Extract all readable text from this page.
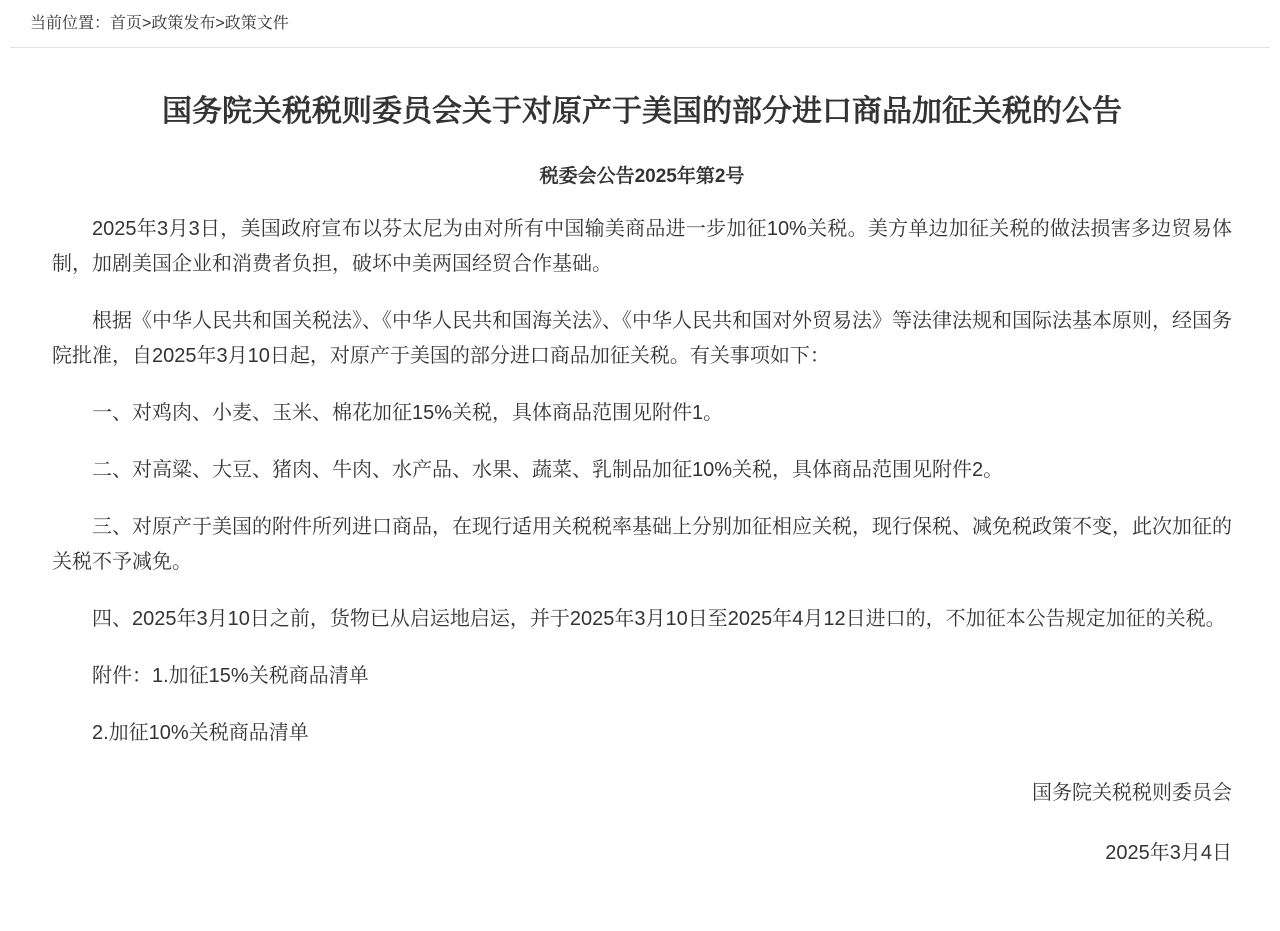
当前位置：首页>政策发布>政策文件
国务院关税税则委员会关于对原产于美国的部分进口商品加征关税的公告
税委会公告2025年第2号

2025年3月3日，美国政府宣布以芬太尼为由对所有中国输美商品进一步加征10%关税。美方单边加征关税的做法损害多边贸易体制，加剧美国企业和消费者负担，破坏中美两国经贸合作基础。

根据《中华人民共和国关税法》、《中华人民共和国海关法》、《中华人民共和国对外贸易法》等法律法规和国际法基本原则，经国务院批准，自2025年3月10日起，对原产于美国的部分进口商品加征关税。有关事项如下：

一、对鸡肉、小麦、玉米、棉花加征15%关税，具体商品范围见附件1。

二、对高粱、大豆、猪肉、牛肉、水产品、水果、蔬菜、乳制品加征10%关税，具体商品范围见附件2。

三、对原产于美国的附件所列进口商品，在现行适用关税税率基础上分别加征相应关税，现行保税、减免税政策不变，此次加征的关税不予减免。

四、2025年3月10日之前，货物已从启运地启运，并于2025年3月10日至2025年4月12日进口的，不加征本公告规定加征的关税。

附件：1.加征15%关税商品清单

2.加征10%关税商品清单

国务院关税税则委员会

2025年3月4日
